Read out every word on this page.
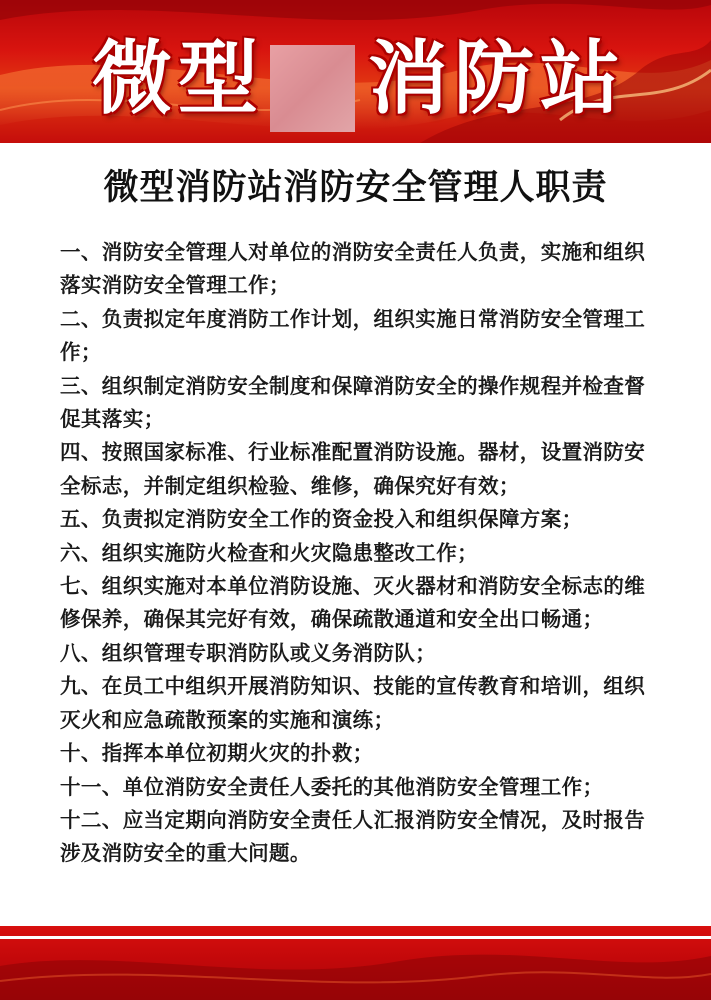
微型 消防站
微型消防站消防安全管理人职责
一、消防安全管理人对单位的消防安全责任人负责，实施和组织落实消防安全管理工作；
二、负责拟定年度消防工作计划，组织实施日常消防安全管理工作；
三、组织制定消防安全制度和保障消防安全的操作规程并检查督促其落实；
四、按照国家标准、行业标准配置消防设施。器材，设置消防安全标志，并制定组织检验、维修，确保究好有效；
五、负责拟定消防安全工作的资金投入和组织保障方案；
六、组织实施防火检查和火灾隐患整改工作；
七、组织实施对本单位消防设施、灭火器材和消防安全标志的维修保养，确保其完好有效，确保疏散通道和安全出口畅通；
八、组织管理专职消防队或义务消防队；
九、在员工中组织开展消防知识、技能的宣传教育和培训，组织灭火和应急疏散预案的实施和演练；
十、指挥本单位初期火灾的扑救；
十一、单位消防安全责任人委托的其他消防安全管理工作；
十二、应当定期向消防安全责任人汇报消防安全情况，及时报告涉及消防安全的重大问题。
